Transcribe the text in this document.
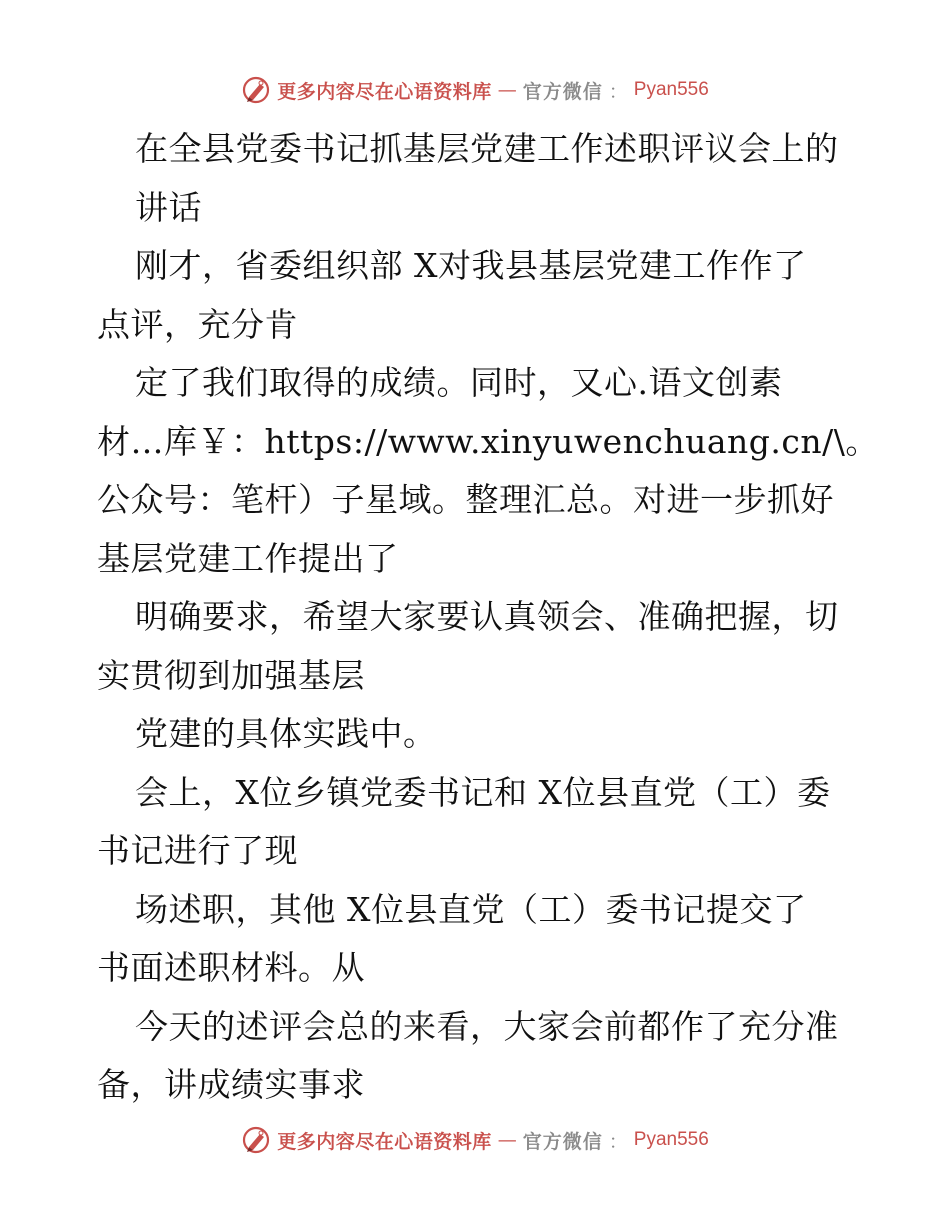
更多内容尽在心语资料库 — 官方微信 ： Pyan556
在全县党委书记抓基层党建工作述职评议会上的
讲话
刚才，省委组织部 X对我县基层党建工作作了
点评，充分肯
定了我们取得的成绩。同时，又心.语文创素
材…库￥：https://www.xinyuwenchuang.cn/\。
公众号：笔杆）子星域。整理汇总。对进一步抓好
基层党建工作提出了
明确要求，希望大家要认真领会、准确把握，切
实贯彻到加强基层
党建的具体实践中。
会上，X位乡镇党委书记和 X位县直党（工）委
书记进行了现
场述职，其他 X位县直党（工）委书记提交了
书面述职材料。从
今天的述评会总的来看，大家会前都作了充分准
备，讲成绩实事求
更多内容尽在心语资料库 — 官方微信 ： Pyan556
